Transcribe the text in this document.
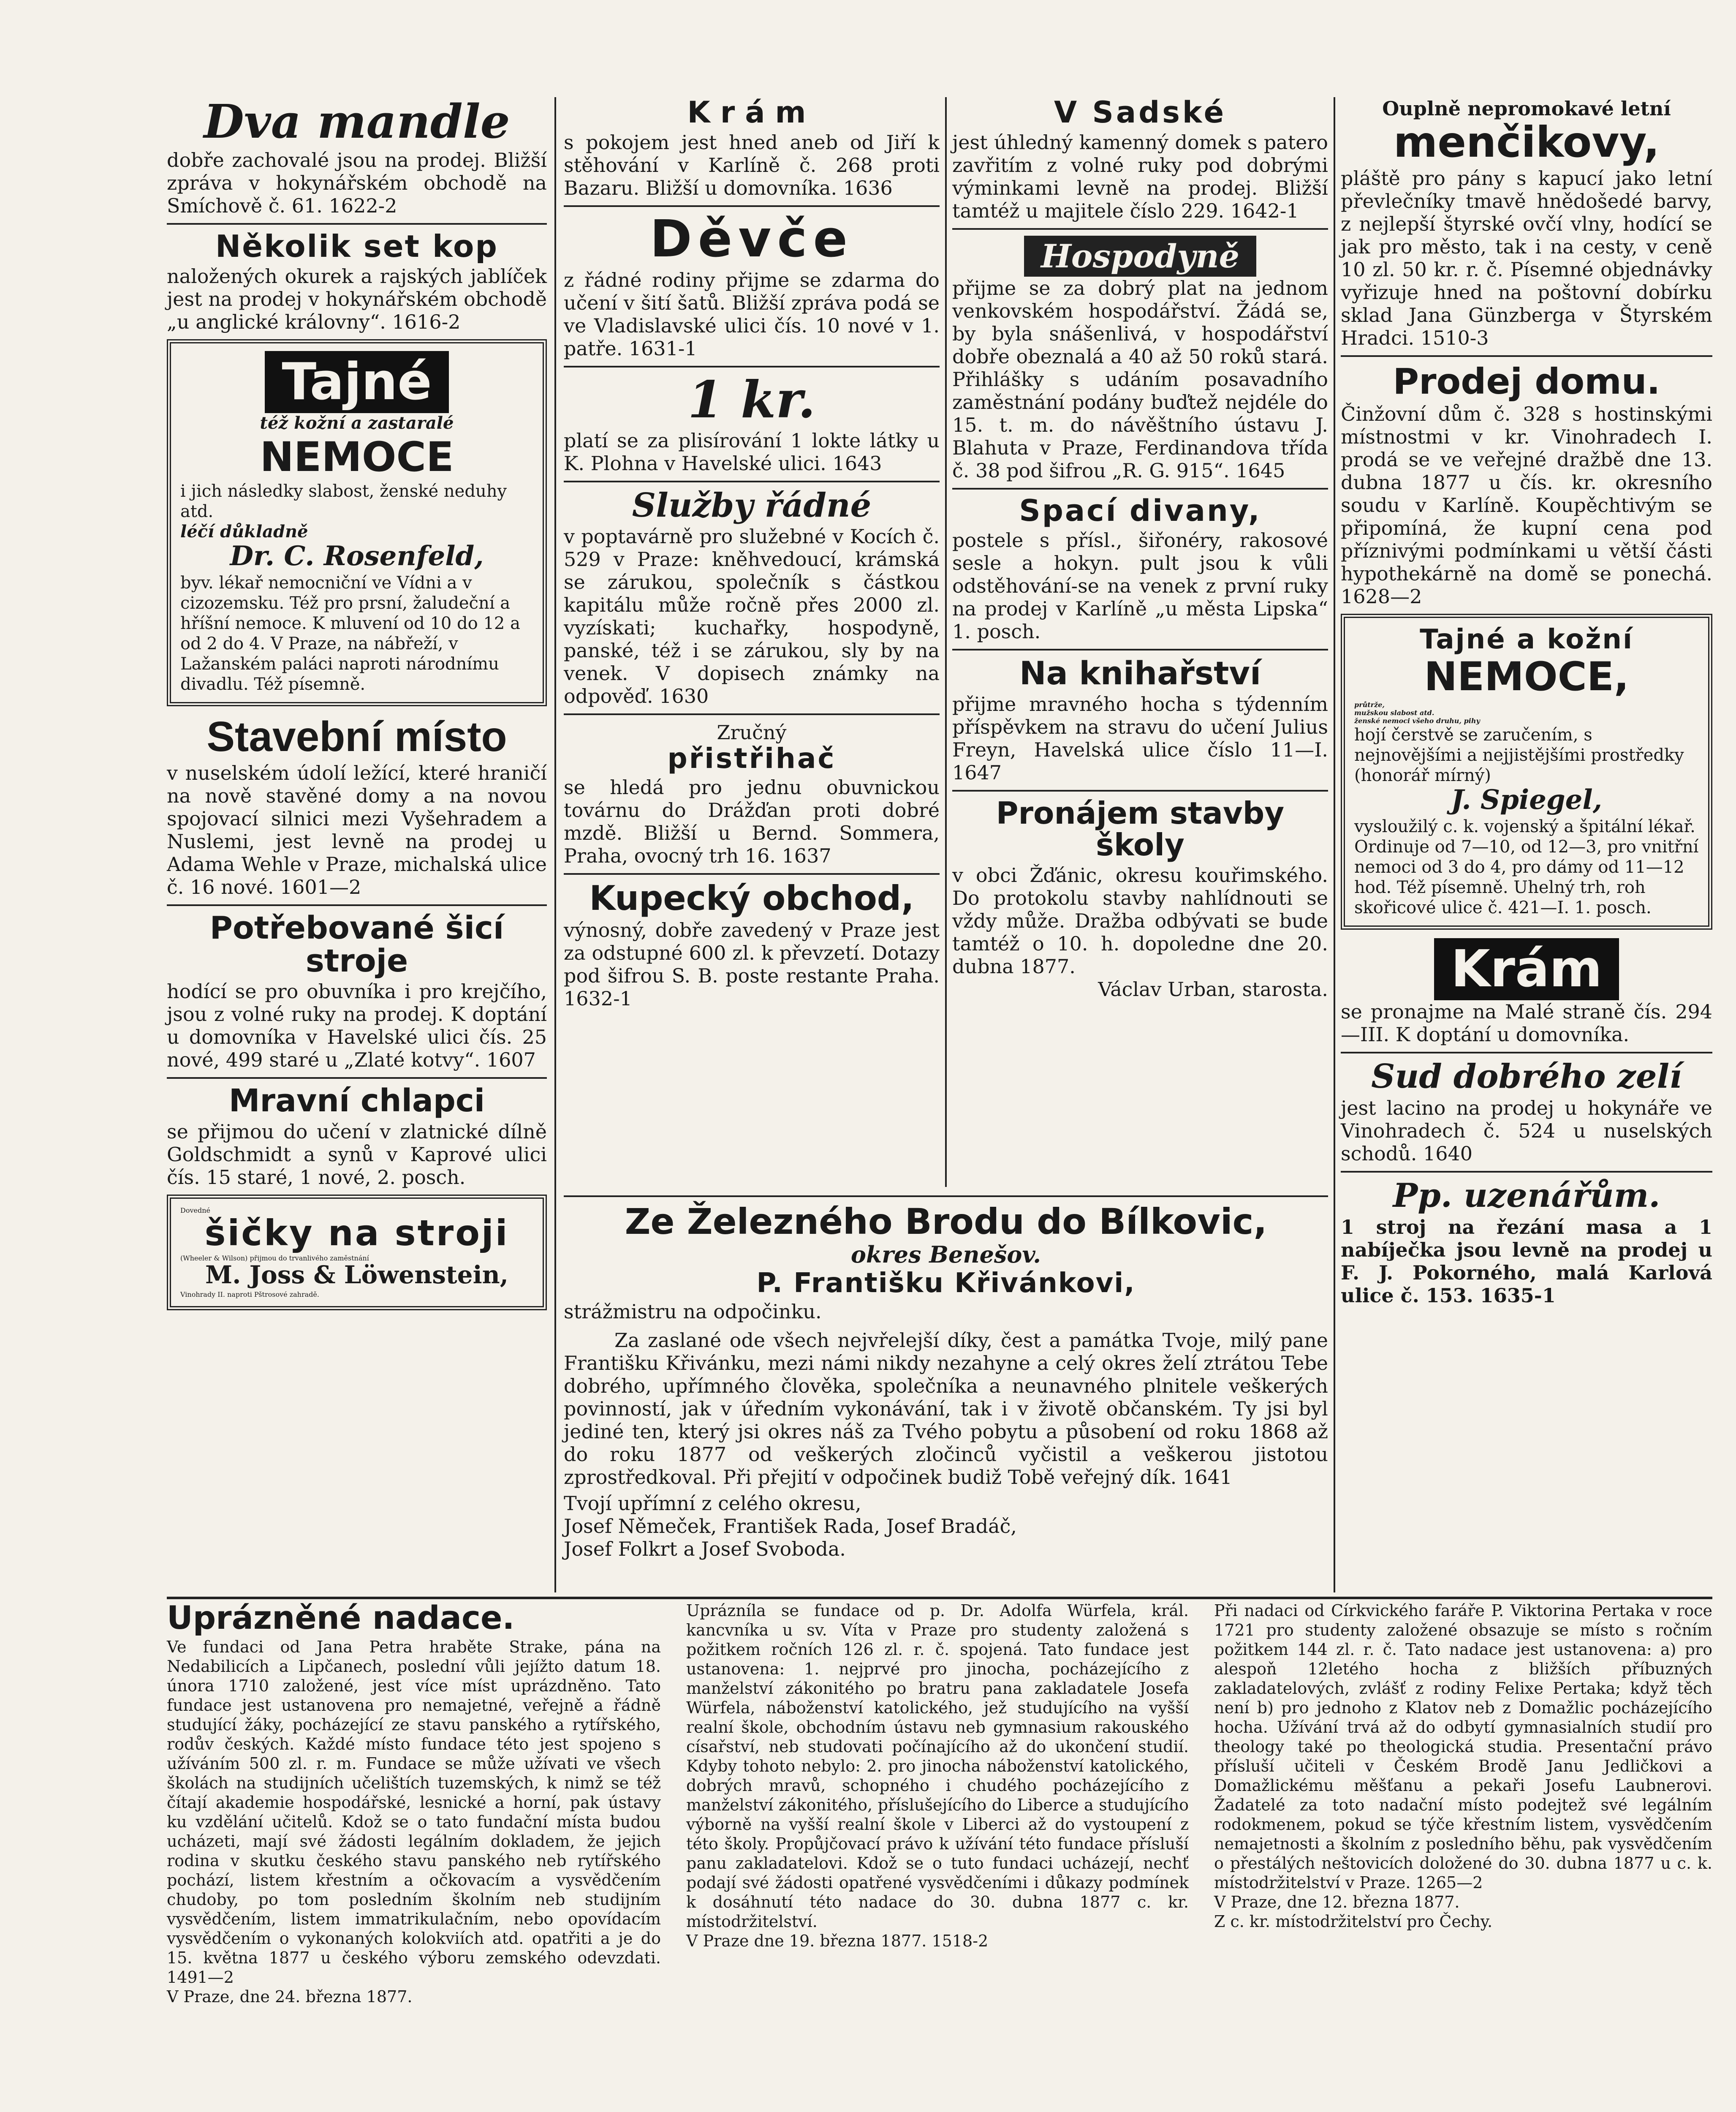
Dva mandle

dobře zachovalé jsou na prodej. Bližší zpráva v hokynářském obchodě na Smíchově č. 61. 1622-2

Několik set kop

naložených okurek a rajských jablíček jest na prodej v hokynářském obchodě „u anglické královny“. 1616-2

Tajné
též kožní a zastaralé
NEMOCE

i jich následky slabost, ženské neduhy atd.

léčí důkladně

Dr. C. Rosenfeld,

byv. lékař nemocniční ve Vídni a v cizozemsku. Též pro prsní, žaludeční a hříšní nemoce. K mluvení od 10 do 12 a od 2 do 4. V Praze, na nábřeží, v Lažanském paláci naproti národnímu divadlu. Též písemně.

Stavební místo

v nuselském údolí ležící, které hraničí na nově stavěné domy a na novou spojovací silnici mezi Vyšehradem a Nuslemi, jest levně na prodej u Adama Wehle v Praze, michalská ulice č. 16 nové. 1601—2

Potřebované šicí stroje

hodící se pro obuvníka i pro krejčího, jsou z volné ruky na prodej. K doptání u domovníka v Havelské ulici čís. 25 nové, 499 staré u „Zlaté kotvy“. 1607

Mravní chlapci

se přijmou do učení v zlatnické dílně Goldschmidt a synů v Kaprové ulici čís. 15 staré, 1 nové, 2. posch.

Dovedné

šičky na stroji

(Wheeler & Wilson) přijmou do trvanlivého zaměstnání

M. Joss & Löwenstein,

Vinohrady II. naproti Pštrosové zahradě.

Krám

s pokojem jest hned aneb od Jiří k stěhování v Karlíně č. 268 proti Bazaru. Bližší u domovníka. 1636

Děvče

z řádné rodiny přijme se zdarma do učení v šití šatů. Bližší zpráva podá se ve Vladislavské ulici čís. 10 nové v 1. patře. 1631-1

1 kr.

platí se za plisírování 1 lokte látky u K. Plohna v Havelské ulici. 1643

Služby řádné

v poptavárně pro služebné v Kocích č. 529 v Praze: kněhvedoucí, krámská se zárukou, společník s částkou kapitálu může ročně přes 2000 zl. vyzískati; kuchařky, hospodyně, panské, též i se zárukou, sly by na venek. V dopisech známky na odpověď. 1630

Zručný

přistřihač

se hledá pro jednu obuvnickou továrnu do Drážďan proti dobré mzdě. Bližší u Bernd. Sommera, Praha, ovocný trh 16. 1637

Kupecký obchod,

výnosný, dobře zavedený v Praze jest za odstupné 600 zl. k převzetí. Dotazy pod šifrou S. B. poste restante Praha. 1632-1

V Sadské

jest úhledný kamenný domek s patero zavřitím z volné ruky pod dobrými výminkami levně na prodej. Bližší tamtéž u majitele číslo 229. 1642-1

Hospodyně

přijme se za dobrý plat na jednom venkovském hospodářství. Žádá se, by byla snášenlivá, v hospodářství dobře obeznalá a 40 až 50 roků stará. Přihlášky s udáním posavadního zaměstnání podány buďtež nejdéle do 15. t. m. do návěštního ústavu J. Blahuta v Praze, Ferdinandova třída č. 38 pod šifrou „R. G. 915“. 1645

Spací divany,

postele s přísl., šiřonéry, rakosové sesle a hokyn. pult jsou k vůli odstěhování-se na venek z první ruky na prodej v Karlíně „u města Lipska“ 1. posch.

Na knihařství

přijme mravného hocha s týdenním příspěvkem na stravu do učení Julius Freyn, Havelská ulice číslo 11—I. 1647

Pronájem stavby školy

v obci Žďánic, okresu kouřimského. Do protokolu stavby nahlídnouti se vždy může. Dražba odbývati se bude tamtéž o 10. h. dopoledne dne 20. dubna 1877.

Václav Urban, starosta.

Ouplně nepromokavé letní

menčikovy,

pláště pro pány s kapucí jako letní převlečníky tmavě hnědošedé barvy, z nejlepší štyrské ovčí vlny, hodící se jak pro město, tak i na cesty, v ceně 10 zl. 50 kr. r. č. Písemné objednávky vyřizuje hned na poštovní dobírku sklad Jana Günzberga v Štyrském Hradci. 1510-3

Prodej domu.

Činžovní dům č. 328 s hostinskými místnostmi v kr. Vinohradech I. prodá se ve veřejné dražbě dne 13. dubna 1877 u čís. kr. okresního soudu v Karlíně. Koupěchtivým se připomíná, že kupní cena pod příznivými podmínkami u větší části hypothekárně na domě se ponechá. 1628—2

Tajné a kožní
NEMOCE,

průtrže,

mužskou slabost atd.

ženské nemoci všeho druhu, pihy

hojí čerstvě se zaručením, s nejnovějšími a nejjistějšími prostředky (honorář mírný)

J. Spiegel,

vysloužilý c. k. vojenský a špitální lékař. Ordinuje od 7—10, od 12—3, pro vnitřní nemoci od 3 do 4, pro dámy od 11—12 hod. Též písemně. Uhelný trh, roh skořicové ulice č. 421—I. 1. posch.

Krám

se pronajme na Malé straně čís. 294—III. K doptání u domovníka.

Sud dobrého zelí

jest lacino na prodej u hokynáře ve Vinohradech č. 524 u nuselských schodů. 1640

Pp. uzenářům.

1 stroj na řezání masa a 1 nabíječka jsou levně na prodej u F. J. Pokorného, malá Karlová ulice č. 153. 1635-1

Ze Železného Brodu do Bílkovic,
okres Benešov.
P. Františku Křivánkovi,

strážmistru na odpočinku.

Za zaslané ode všech nejvřelejší díky, čest a památka Tvoje, milý pane Františku Křivánku, mezi námi nikdy nezahyne a celý okres želí ztrátou Tebe dobrého, upřímného člověka, společníka a neunavného plnitele veškerých povinností, jak v úředním vykonávání, tak i v životě občanském. Ty jsi byl jediné ten, který jsi okres náš za Tvého pobytu a působení od roku 1868 až do roku 1877 od veškerých zločinců vyčistil a veškerou jistotou zprostředkoval. Při přejití v odpočinek budiž Tobě veřejný dík. 1641

Tvojí upřímní z celého okresu,

Josef Němeček, František Rada, Josef Bradáč,

Josef Folkrt a Josef Svoboda.

Uprázněné nadace.

Ve fundaci od Jana Petra hraběte Strake, pána na Nedabilicích a Lipčanech, poslední vůli jejížto datum 18. února 1710 založené, jest více míst uprázdněno. Tato fundace jest ustanovena pro nemajetné, veřejně a řádně studující žáky, pocházející ze stavu panského a rytířského, rodův českých. Každé místo fundace této jest spojeno s užíváním 500 zl. r. m. Fundace se může užívati ve všech školách na studijních učelištích tuzemských, k nimž se též čítají akademie hospodářské, lesnické a horní, pak ústavy ku vzdělání učitelů. Kdož se o tato fundační místa budou ucházeti, mají své žádosti legálním dokladem, že jejich rodina v skutku českého stavu panského neb rytířského pochází, listem křestním a očkovacím a vysvědčením chudoby, po tom posledním školním neb studijním vysvědčením, listem immatrikulačním, nebo opovídacím vysvědčením o vykonaných kolokviích atd. opatřiti a je do 15. května 1877 u českého výboru zemského odevzdati. 1491—2

V Praze, dne 24. března 1877.

Uprázníla se fundace od p. Dr. Adolfa Würfela, král. kancvníka u sv. Víta v Praze pro studenty založená s požitkem ročních 126 zl. r. č. spojená. Tato fundace jest ustanovena: 1. nejprvé pro jinocha, pocházejícího z manželství zákonitého po bratru pana zakladatele Josefa Würfela, náboženství katolického, jež studujícího na vyšší realní škole, obchodním ústavu neb gymnasium rakouského císařství, neb studovati počínajícího až do ukončení studií. Kdyby tohoto nebylo: 2. pro jinocha náboženství katolického, dobrých mravů, schopného i chudého pocházejícího z manželství zákonitého, příslušejícího do Liberce a studujícího výborně na vyšší realní škole v Liberci až do vystoupení z této školy. Propůjčovací právo k užívání této fundace přísluší panu zakladatelovi. Kdož se o tuto fundaci ucházejí, nechť podají své žádosti opatřené vysvědčeními i důkazy podmínek k dosáhnutí této nadace do 30. dubna 1877 c. kr. místodržitelství.

V Praze dne 19. března 1877. 1518-2

Při nadaci od Církvického faráře P. Viktorina Pertaka v roce 1721 pro studenty založené obsazuje se místo s ročním požitkem 144 zl. r. č. Tato nadace jest ustanovena: a) pro alespoň 12letého hocha z bližších příbuzných zakladatelových, zvlášť z rodiny Felixe Pertaka; když těch není b) pro jednoho z Klatov neb z Domažlic pocházejícího hocha. Užívání trvá až do odbytí gymnasialních studií pro theology také po theologická studia. Presentační právo přísluší učiteli v Českém Brodě Janu Jedličkovi a Domažlickému měšťanu a pekaři Josefu Laubnerovi. Žadatelé za toto nadační místo podejtež své legálním rodokmenem, pokud se týče křestním listem, vysvědčením nemajetnosti a školním z posledního běhu, pak vysvědčením o přestálých neštovicích doložené do 30. dubna 1877 u c. k. místodržitelství v Praze. 1265—2

V Praze, dne 12. března 1877.

Z c. kr. místodržitelství pro Čechy.
